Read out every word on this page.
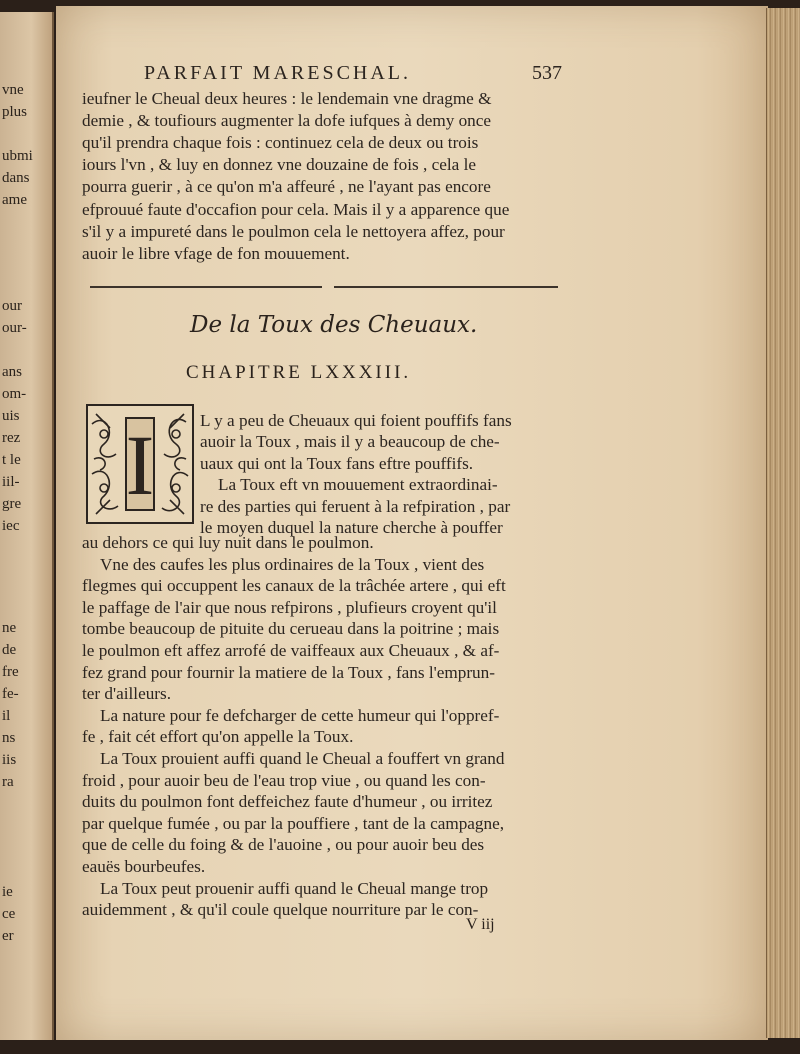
vne
plus
ubmi
dans
ame
our
our-
ans
om-
uis
rez
t le
iil-
gre
iec
ne
de
fre
fe-
il
ns
iis
ra
ie
ce
er
PARFAIT MARESCHAL.	537
ieufner le Cheual deux heures : le lendemain vne dragme &
demie , & toufiours augmenter la dofe iufques à demy once
qu'il prendra chaque fois : continuez cela de deux ou trois
iours l'vn , & luy en donnez vne douzaine de fois , cela le
pourra guerir , à ce qu'on m'a affeuré , ne l'ayant pas encore
efprouué faute d'occafion pour cela. Mais il y a apparence que
s'il y a impureté dans le poulmon cela le nettoyera affez, pour
auoir le libre vfage de fon mouuement.
De la Toux des Cheuaux.
CHAPITRE LXXXIII.
I	L y a peu de Cheuaux qui foient pouffifs fans
auoir la Toux , mais il y a beaucoup de che-
uaux qui ont la Toux fans eftre pouffifs.
La Toux eft vn mouuement extraordinai-
re des parties qui feruent à la refpiration , par
le moyen duquel la nature cherche à pouffer
au dehors ce qui luy nuit dans le poulmon.
Vne des caufes les plus ordinaires de la Toux , vient des
flegmes qui occuppent les canaux de la trâchée artere , qui eft
le paffage de l'air que nous refpirons , plufieurs croyent qu'il
tombe beaucoup de pituite du cerueau dans la poitrine ; mais
le poulmon eft affez arrofé de vaiffeaux aux Cheuaux , & af-
fez grand pour fournir la matiere de la Toux , fans l'emprun-
ter d'ailleurs.
La nature pour fe defcharger de cette humeur qui l'oppref-
fe , fait cét effort qu'on appelle la Toux.
La Toux prouient auffi quand le Cheual a fouffert vn grand
froid , pour auoir beu de l'eau trop viue , ou quand les con-
duits du poulmon font deffeichez faute d'humeur , ou irritez
par quelque fumée , ou par la pouffiere , tant de la campagne,
que de celle du foing & de l'auoine , ou pour auoir beu des
eauës bourbeufes.
La Toux peut prouenir auffi quand le Cheual mange trop
auidemment , & qu'il coule quelque nourriture par le con-
V iij
